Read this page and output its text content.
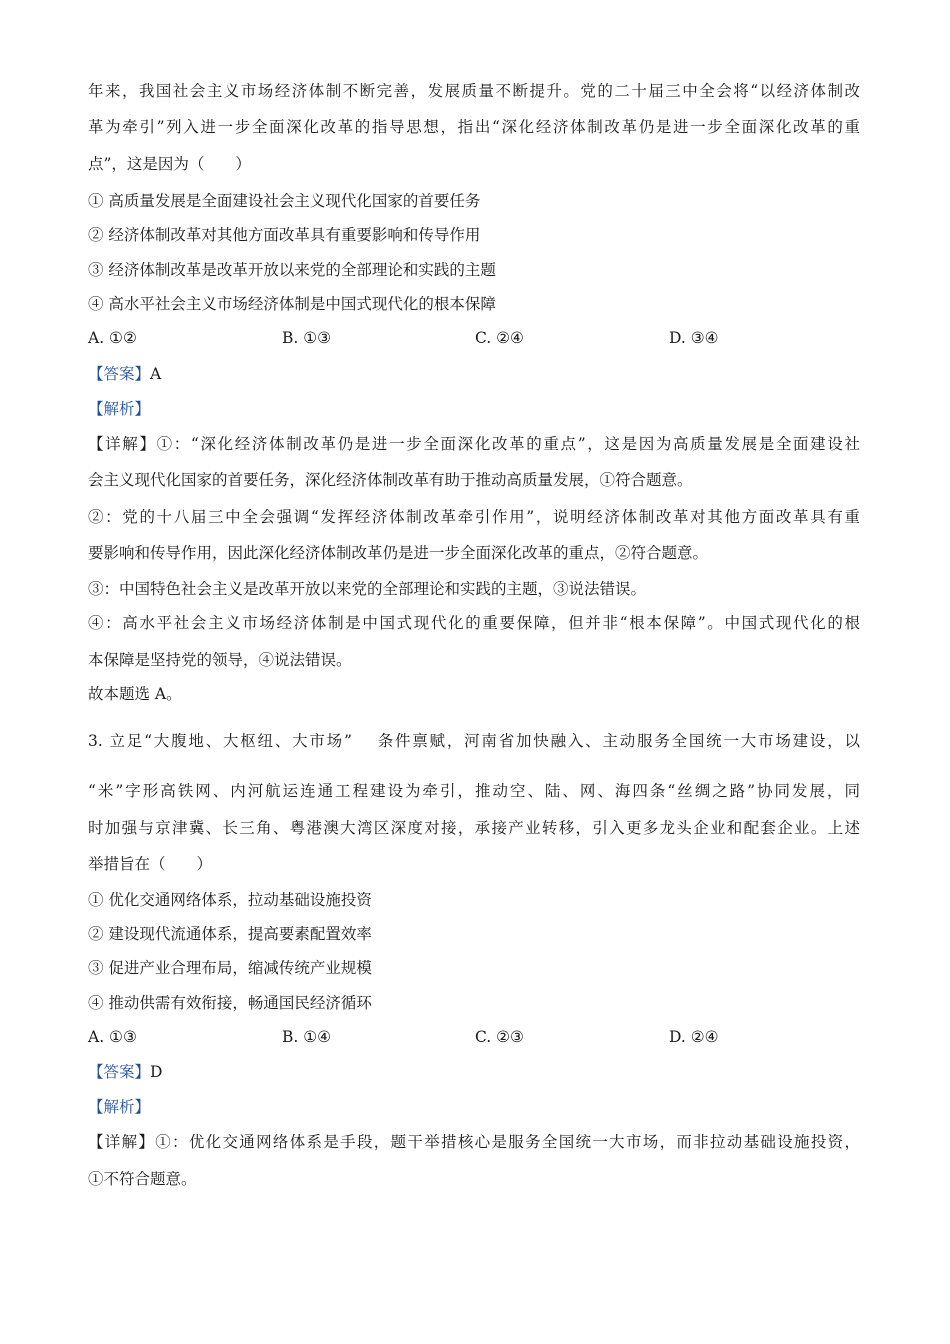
年来，我国社会主义市场经济体制不断完善，发展质量不断提升。党的二十届三中全会将“以经济体制改
革为牵引”列入进一步全面深化改革的指导思想，指出“深化经济体制改革仍是进一步全面深化改革的重
点”，这是因为（　　）
① 高质量发展是全面建设社会主义现代化国家的首要任务
② 经济体制改革对其他方面改革具有重要影响和传导作用
③ 经济体制改革是改革开放以来党的全部理论和实践的主题
④ 高水平社会主义市场经济体制是中国式现代化的根本保障
A. ①②	B. ①③	C. ②④	D. ③④
【答案】A
【解析】
【详解】①：“深化经济体制改革仍是进一步全面深化改革的重点”，这是因为高质量发展是全面建设社
会主义现代化国家的首要任务，深化经济体制改革有助于推动高质量发展，①符合题意。
②：党的十八届三中全会强调“发挥经济体制改革牵引作用”，说明经济体制改革对其他方面改革具有重
要影响和传导作用，因此深化经济体制改革仍是进一步全面深化改革的重点，②符合题意。
③：中国特色社会主义是改革开放以来党的全部理论和实践的主题，③说法错误。
④：高水平社会主义市场经济体制是中国式现代化的重要保障，但并非“根本保障”。中国式现代化的根
本保障是坚持党的领导，④说法错误。
故本题选 A。
3. 立足“大腹地、大枢纽、大市场”　 条件禀赋，河南省加快融入、主动服务全国统一大市场建设，以
“米”字形高铁网、内河航运连通工程建设为牵引，推动空、陆、网、海四条“丝绸之路”协同发展，同
时加强与京津冀、长三角、粤港澳大湾区深度对接，承接产业转移，引入更多龙头企业和配套企业。上述
举措旨在（　　）
① 优化交通网络体系，拉动基础设施投资
② 建设现代流通体系，提高要素配置效率
③ 促进产业合理布局，缩减传统产业规模
④ 推动供需有效衔接，畅通国民经济循环
A. ①③	B. ①④	C. ②③	D. ②④
【答案】D
【解析】
【详解】①：优化交通网络体系是手段，题干举措核心是服务全国统一大市场，而非拉动基础设施投资，
①不符合题意。
